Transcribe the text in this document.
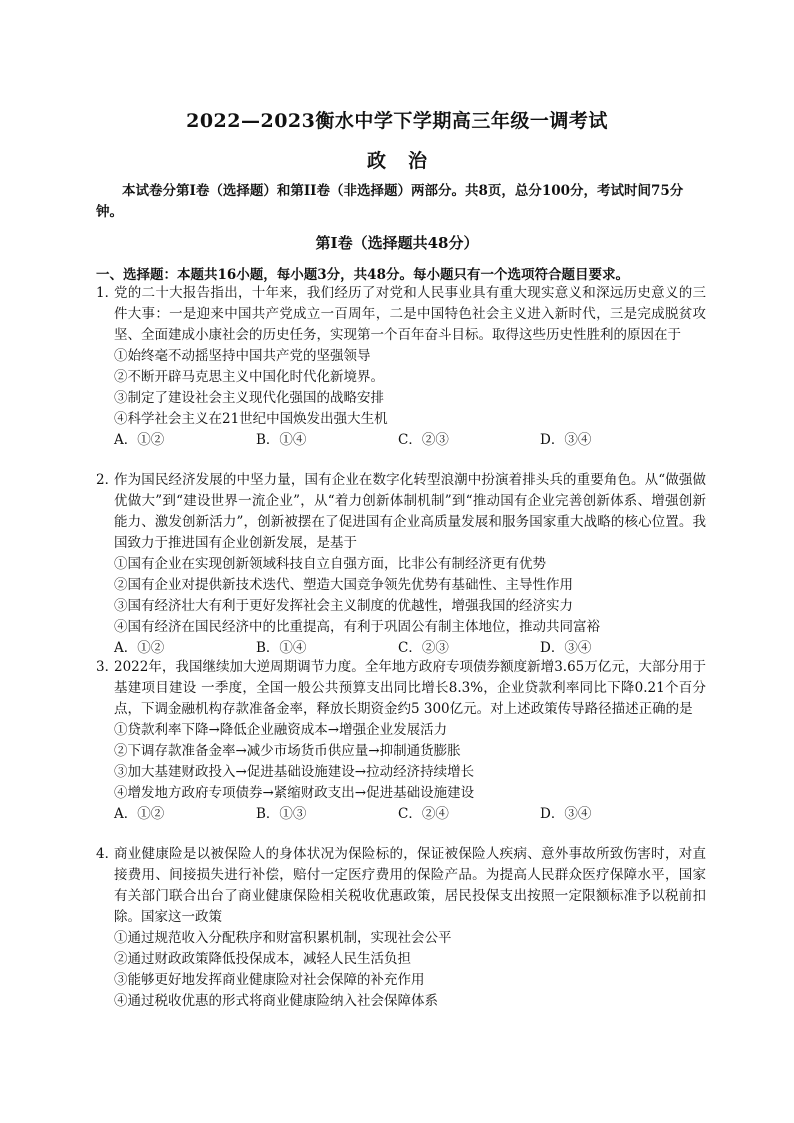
2022—2023衡水中学下学期高三年级一调考试
政治
本试卷分第I卷（选择题）和第II卷（非选择题）两部分。共8页，总分100分，考试时间75分钟。
第I卷（选择题共48分）
一、选择题：本题共16小题，每小题3分，共48分。每小题只有一个选项符合题目要求。
1．
党的二十大报告指出，十年来，我们经历了对党和人民事业具有重大现实意义和深远历史意义的三件大事：一是迎来中国共产党成立一百周年，二是中国特色社会主义进入新时代，三是完成脱贫攻坚、全面建成小康社会的历史任务，实现第一个百年奋斗目标。取得这些历史性胜利的原因在于
①始终毫不动摇坚持中国共产党的坚强领导
②不断开辟马克思主义中国化时代化新境界。
③制定了建设社会主义现代化强国的战略安排
④科学社会主义在21世纪中国焕发出强大生机
A．①②	B．①④	C．②③	D．③④
2．
作为国民经济发展的中坚力量，国有企业在数字化转型浪潮中扮演着排头兵的重要角色。从“做强做优做大”到“建设世界一流企业”，从“着力创新体制机制”到“推动国有企业完善创新体系、增强创新能力、激发创新活力”，创新被摆在了促进国有企业高质量发展和服务国家重大战略的核心位置。我国致力于推进国有企业创新发展，是基于
①国有企业在实现创新领域科技自立自强方面，比非公有制经济更有优势
②国有企业对提供新技术迭代、塑造大国竞争领先优势有基础性、主导性作用
③国有经济壮大有利于更好发挥社会主义制度的优越性，增强我国的经济实力
④国有经济在国民经济中的比重提高，有利于巩固公有制主体地位，推动共同富裕
A．①②	B．①④	C．②③	D．③④
3．
2022年，我国继续加大逆周期调节力度。全年地方政府专项债券额度新增3.65万亿元，大部分用于基建项目建设 一季度，全国一般公共预算支出同比增长8.3%，企业贷款利率同比下降0.21个百分点，下调金融机构存款准备金率，释放长期资金约5 300亿元。对上述政策传导路径描述正确的是
①贷款利率下降→降低企业融资成本→增强企业发展活力
②下调存款准备金率→减少市场货币供应量→抑制通货膨胀
③加大基建财政投入→促进基础设施建设→拉动经济持续增长
④增发地方政府专项债券→紧缩财政支出→促进基础设施建设
A．①②	B．①③	C．②④	D．③④
4．
商业健康险是以被保险人的身体状况为保险标的，保证被保险人疾病、意外事故所致伤害时，对直接费用、间接损失进行补偿，赔付一定医疗费用的保险产品。为提高人民群众医疗保障水平，国家有关部门联合出台了商业健康保险相关税收优惠政策，居民投保支出按照一定限额标准予以税前扣除。国家这一政策
①通过规范收入分配秩序和财富积累机制，实现社会公平
②通过财政政策降低投保成本，减轻人民生活负担
③能够更好地发挥商业健康险对社会保障的补充作用
④通过税收优惠的形式将商业健康险纳入社会保障体系
